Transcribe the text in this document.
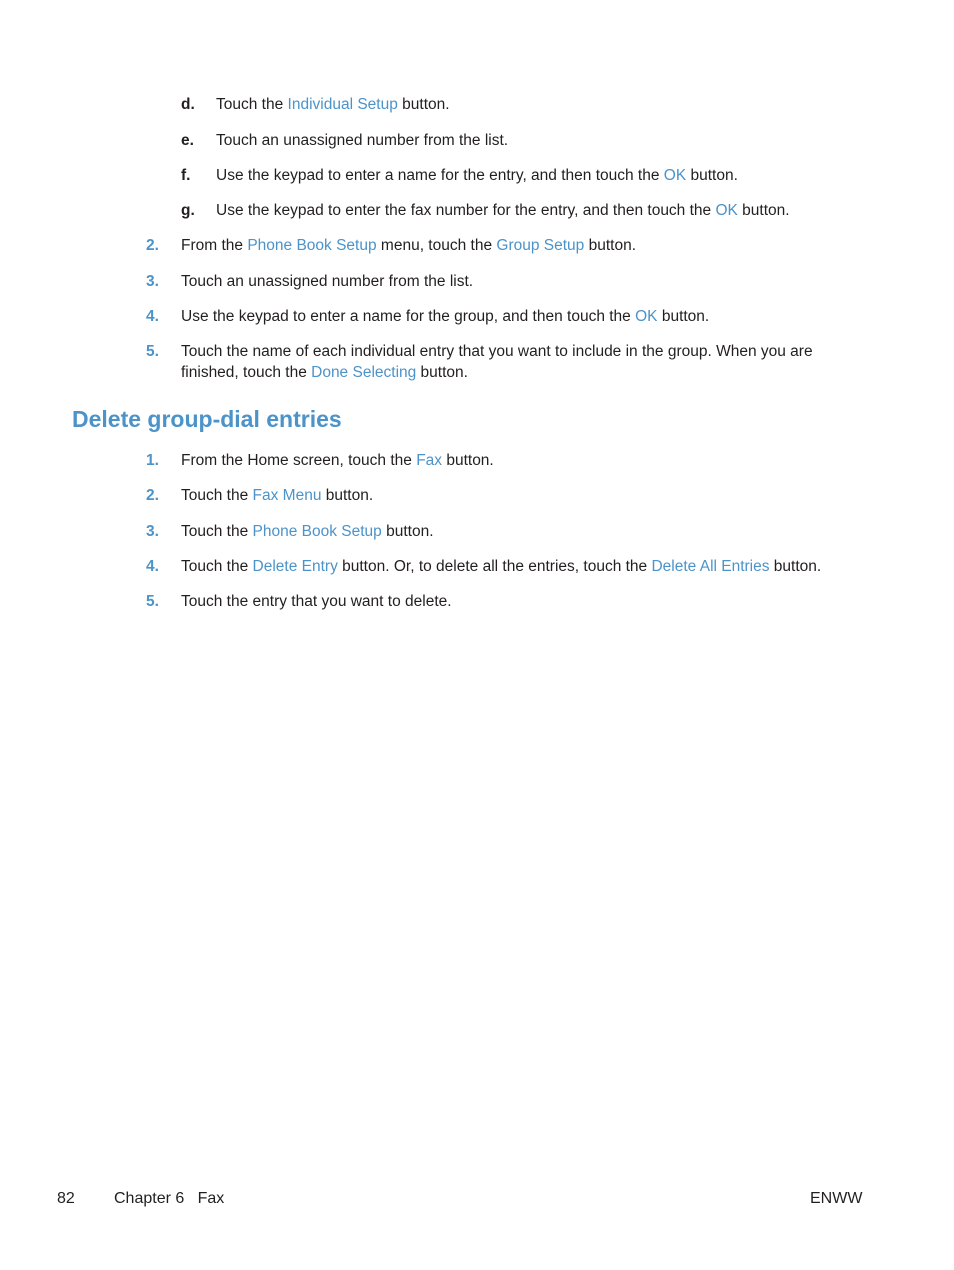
d. Touch the Individual Setup button.
e. Touch an unassigned number from the list.
f. Use the keypad to enter a name for the entry, and then touch the OK button.
g. Use the keypad to enter the fax number for the entry, and then touch the OK button.
2. From the Phone Book Setup menu, touch the Group Setup button.
3. Touch an unassigned number from the list.
4. Use the keypad to enter a name for the group, and then touch the OK button.
5. Touch the name of each individual entry that you want to include in the group. When you are
finished, touch the Done Selecting button.
Delete group-dial entries
1. From the Home screen, touch the Fax button.
2. Touch the Fax Menu button.
3. Touch the Phone Book Setup button.
4. Touch the Delete Entry button. Or, to delete all the entries, touch the Delete All Entries button.
5. Touch the entry that you want to delete.
82 Chapter 6   Fax	ENWW
